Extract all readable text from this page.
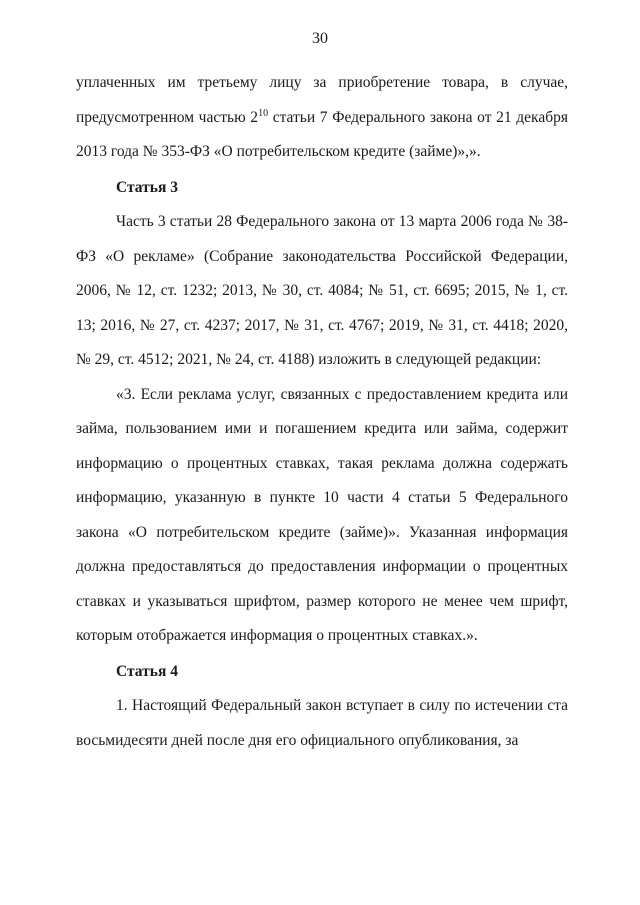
30

уплаченных им третьему лицу за приобретение товара, в случае, предусмотренном частью $2^{10}$ статьи 7 Федерального закона от 21 декабря 2013 года № 353-ФЗ «О потребительском кредите (займе)»,».

Статья 3

Часть 3 статьи 28 Федерального закона от 13 марта 2006 года № 38-ФЗ «О рекламе» (Собрание законодательства Российской Федерации, 2006, № 12, ст. 1232; 2013, № 30, ст. 4084; № 51, ст. 6695; 2015, № 1, ст. 13; 2016, № 27, ст. 4237; 2017, № 31, ст. 4767; 2019, № 31, ст. 4418; 2020, № 29, ст. 4512; 2021, № 24, ст. 4188) изложить в следующей редакции:

«3. Если реклама услуг, связанных с предоставлением кредита или займа, пользованием ими и погашением кредита или займа, содержит информацию о процентных ставках, такая реклама должна содержать информацию, указанную в пункте 10 части 4 статьи 5 Федерального закона «О потребительском кредите (займе)». Указанная информация должна предоставляться до предоставления информации о процентных ставках и указываться шрифтом, размер которого не менее чем шрифт, которым отображается информация о процентных ставках.».

Статья 4

1. Настоящий Федеральный закон вступает в силу по истечении ста восьмидесяти дней после дня его официального опубликования, за
